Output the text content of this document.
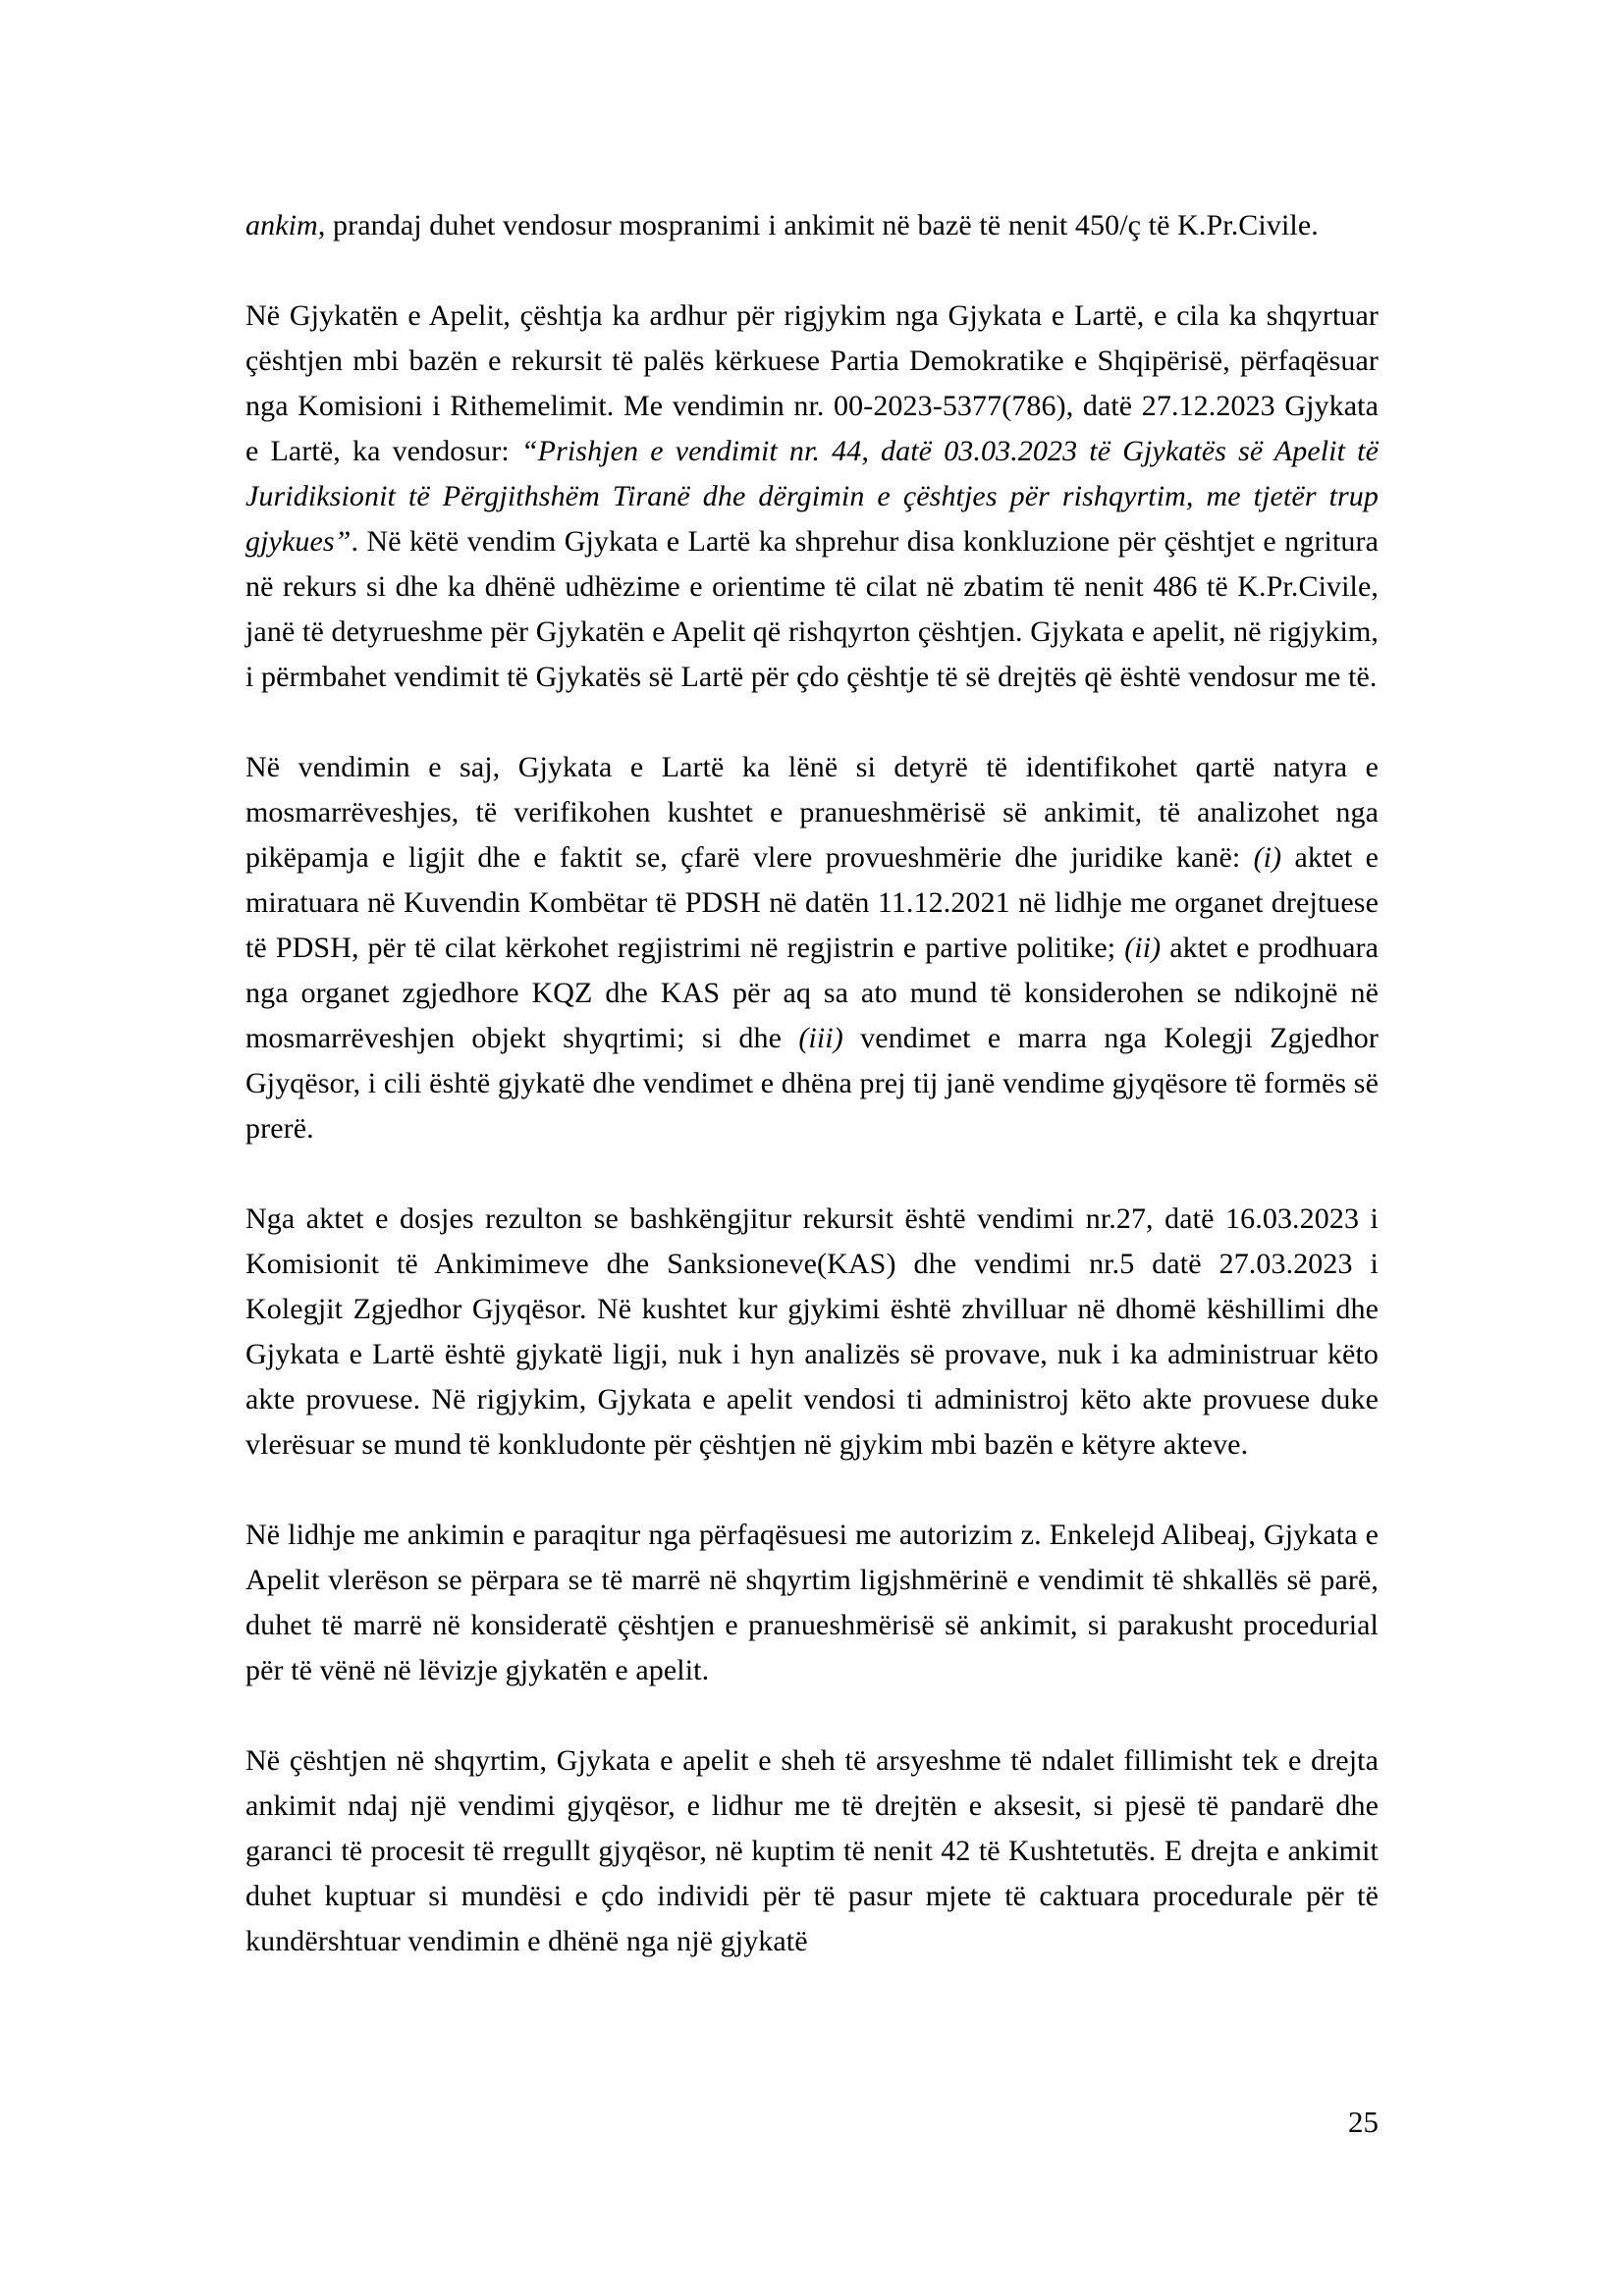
ankim, prandaj duhet vendosur mospranimi i ankimit në bazë të nenit 450/ç të K.Pr.Civile.

Në Gjykatën e Apelit, çështja ka ardhur për rigjykim nga Gjykata e Lartë, e cila ka shqyrtuar çështjen mbi bazën e rekursit të palës kërkuese Partia Demokratike e Shqipërisë, përfaqësuar nga Komisioni i Rithemelimit. Me vendimin nr. 00-2023-5377(786), datë 27.12.2023 Gjykata e Lartë, ka vendosur: “Prishjen e vendimit nr. 44, datë 03.03.2023 të Gjykatës së Apelit të Juridiksionit të Përgjithshëm Tiranë dhe dërgimin e çështjes për rishqyrtim, me tjetër trup gjykues”. Në këtë vendim Gjykata e Lartë ka shprehur disa konkluzione për çështjet e ngritura në rekurs si dhe ka dhënë udhëzime e orientime të cilat në zbatim të nenit 486 të K.Pr.Civile, janë të detyrueshme për Gjykatën e Apelit që rishqyrton çështjen. Gjykata e apelit, në rigjykim, i përmbahet vendimit të Gjykatës së Lartë për çdo çështje të së drejtës që është vendosur me të.

Në vendimin e saj, Gjykata e Lartë ka lënë si detyrë të identifikohet qartë natyra e mosmarrëveshjes, të verifikohen kushtet e pranueshmërisë së ankimit, të analizohet nga pikëpamja e ligjit dhe e faktit se, çfarë vlere provueshmërie dhe juridike kanë: (i) aktet e miratuara në Kuvendin Kombëtar të PDSH në datën 11.12.2021 në lidhje me organet drejtuese të PDSH, për të cilat kërkohet regjistrimi në regjistrin e partive politike; (ii) aktet e prodhuara nga organet zgjedhore KQZ dhe KAS për aq sa ato mund të konsiderohen se ndikojnë në mosmarrëveshjen objekt shyqrtimi; si dhe (iii) vendimet e marra nga Kolegji Zgjedhor Gjyqësor, i cili është gjykatë dhe vendimet e dhëna prej tij janë vendime gjyqësore të formës së prerë.

Nga aktet e dosjes rezulton se bashkëngjitur rekursit është vendimi nr.27, datë 16.03.2023 i Komisionit të Ankimimeve dhe Sanksioneve(KAS) dhe vendimi nr.5 datë 27.03.2023 i Kolegjit Zgjedhor Gjyqësor. Në kushtet kur gjykimi është zhvilluar në dhomë këshillimi dhe Gjykata e Lartë është gjykatë ligji, nuk i hyn analizës së provave, nuk i ka administruar këto akte provuese. Në rigjykim, Gjykata e apelit vendosi ti administroj këto akte provuese duke vlerësuar se mund të konkludonte për çështjen në gjykim mbi bazën e këtyre akteve.

Në lidhje me ankimin e paraqitur nga përfaqësuesi me autorizim z. Enkelejd Alibeaj, Gjykata e Apelit vlerëson se përpara se të marrë në shqyrtim ligjshmërinë e vendimit të shkallës së parë, duhet të marrë në konsideratë çështjen e pranueshmërisë së ankimit, si parakusht procedurial për të vënë në lëvizje gjykatën e apelit.

Në çështjen në shqyrtim, Gjykata e apelit e sheh të arsyeshme të ndalet fillimisht tek e drejta ankimit ndaj një vendimi gjyqësor, e lidhur me të drejtën e aksesit, si pjesë të pandarë dhe garanci të procesit të rregullt gjyqësor, në kuptim të nenit 42 të Kushtetutës. E drejta e ankimit duhet kuptuar si mundësi e çdo individi për të pasur mjete të caktuara procedurale për të kundërshtuar vendimin e dhënë nga një gjykatë

25
